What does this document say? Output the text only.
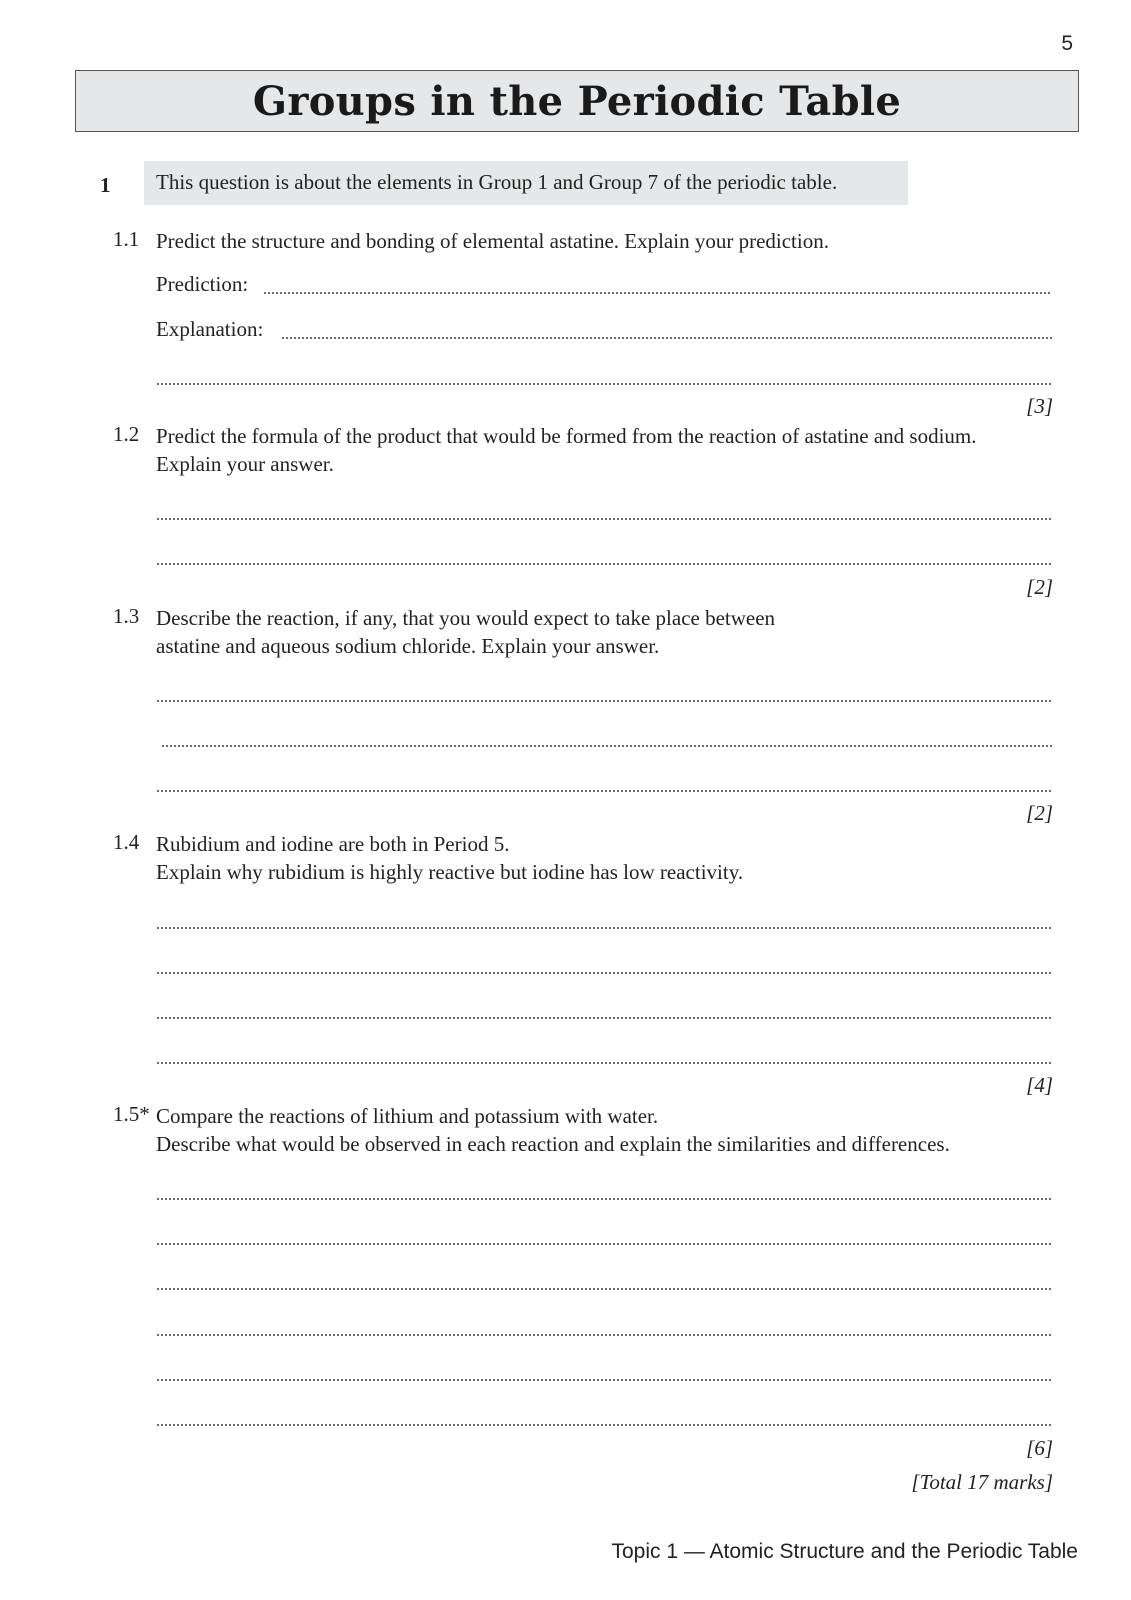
5
Groups in the Periodic Table
1	This question is about the elements in Group 1 and Group 7 of the periodic table.
1.1 Predict the structure and bonding of elemental astatine. Explain your prediction.
Prediction:
Explanation:
[3]
1.2 Predict the formula of the product that would be formed from the reaction of astatine and sodium.
Explain your answer.
[2]
1.3 Describe the reaction, if any, that you would expect to take place between
astatine and aqueous sodium chloride. Explain your answer.
[2]
1.4 Rubidium and iodine are both in Period 5.
Explain why rubidium is highly reactive but iodine has low reactivity.
[4]
1.5* Compare the reactions of lithium and potassium with water.
Describe what would be observed in each reaction and explain the similarities and differences.
[6]
[Total 17 marks]
Topic 1 — Atomic Structure and the Periodic Table
